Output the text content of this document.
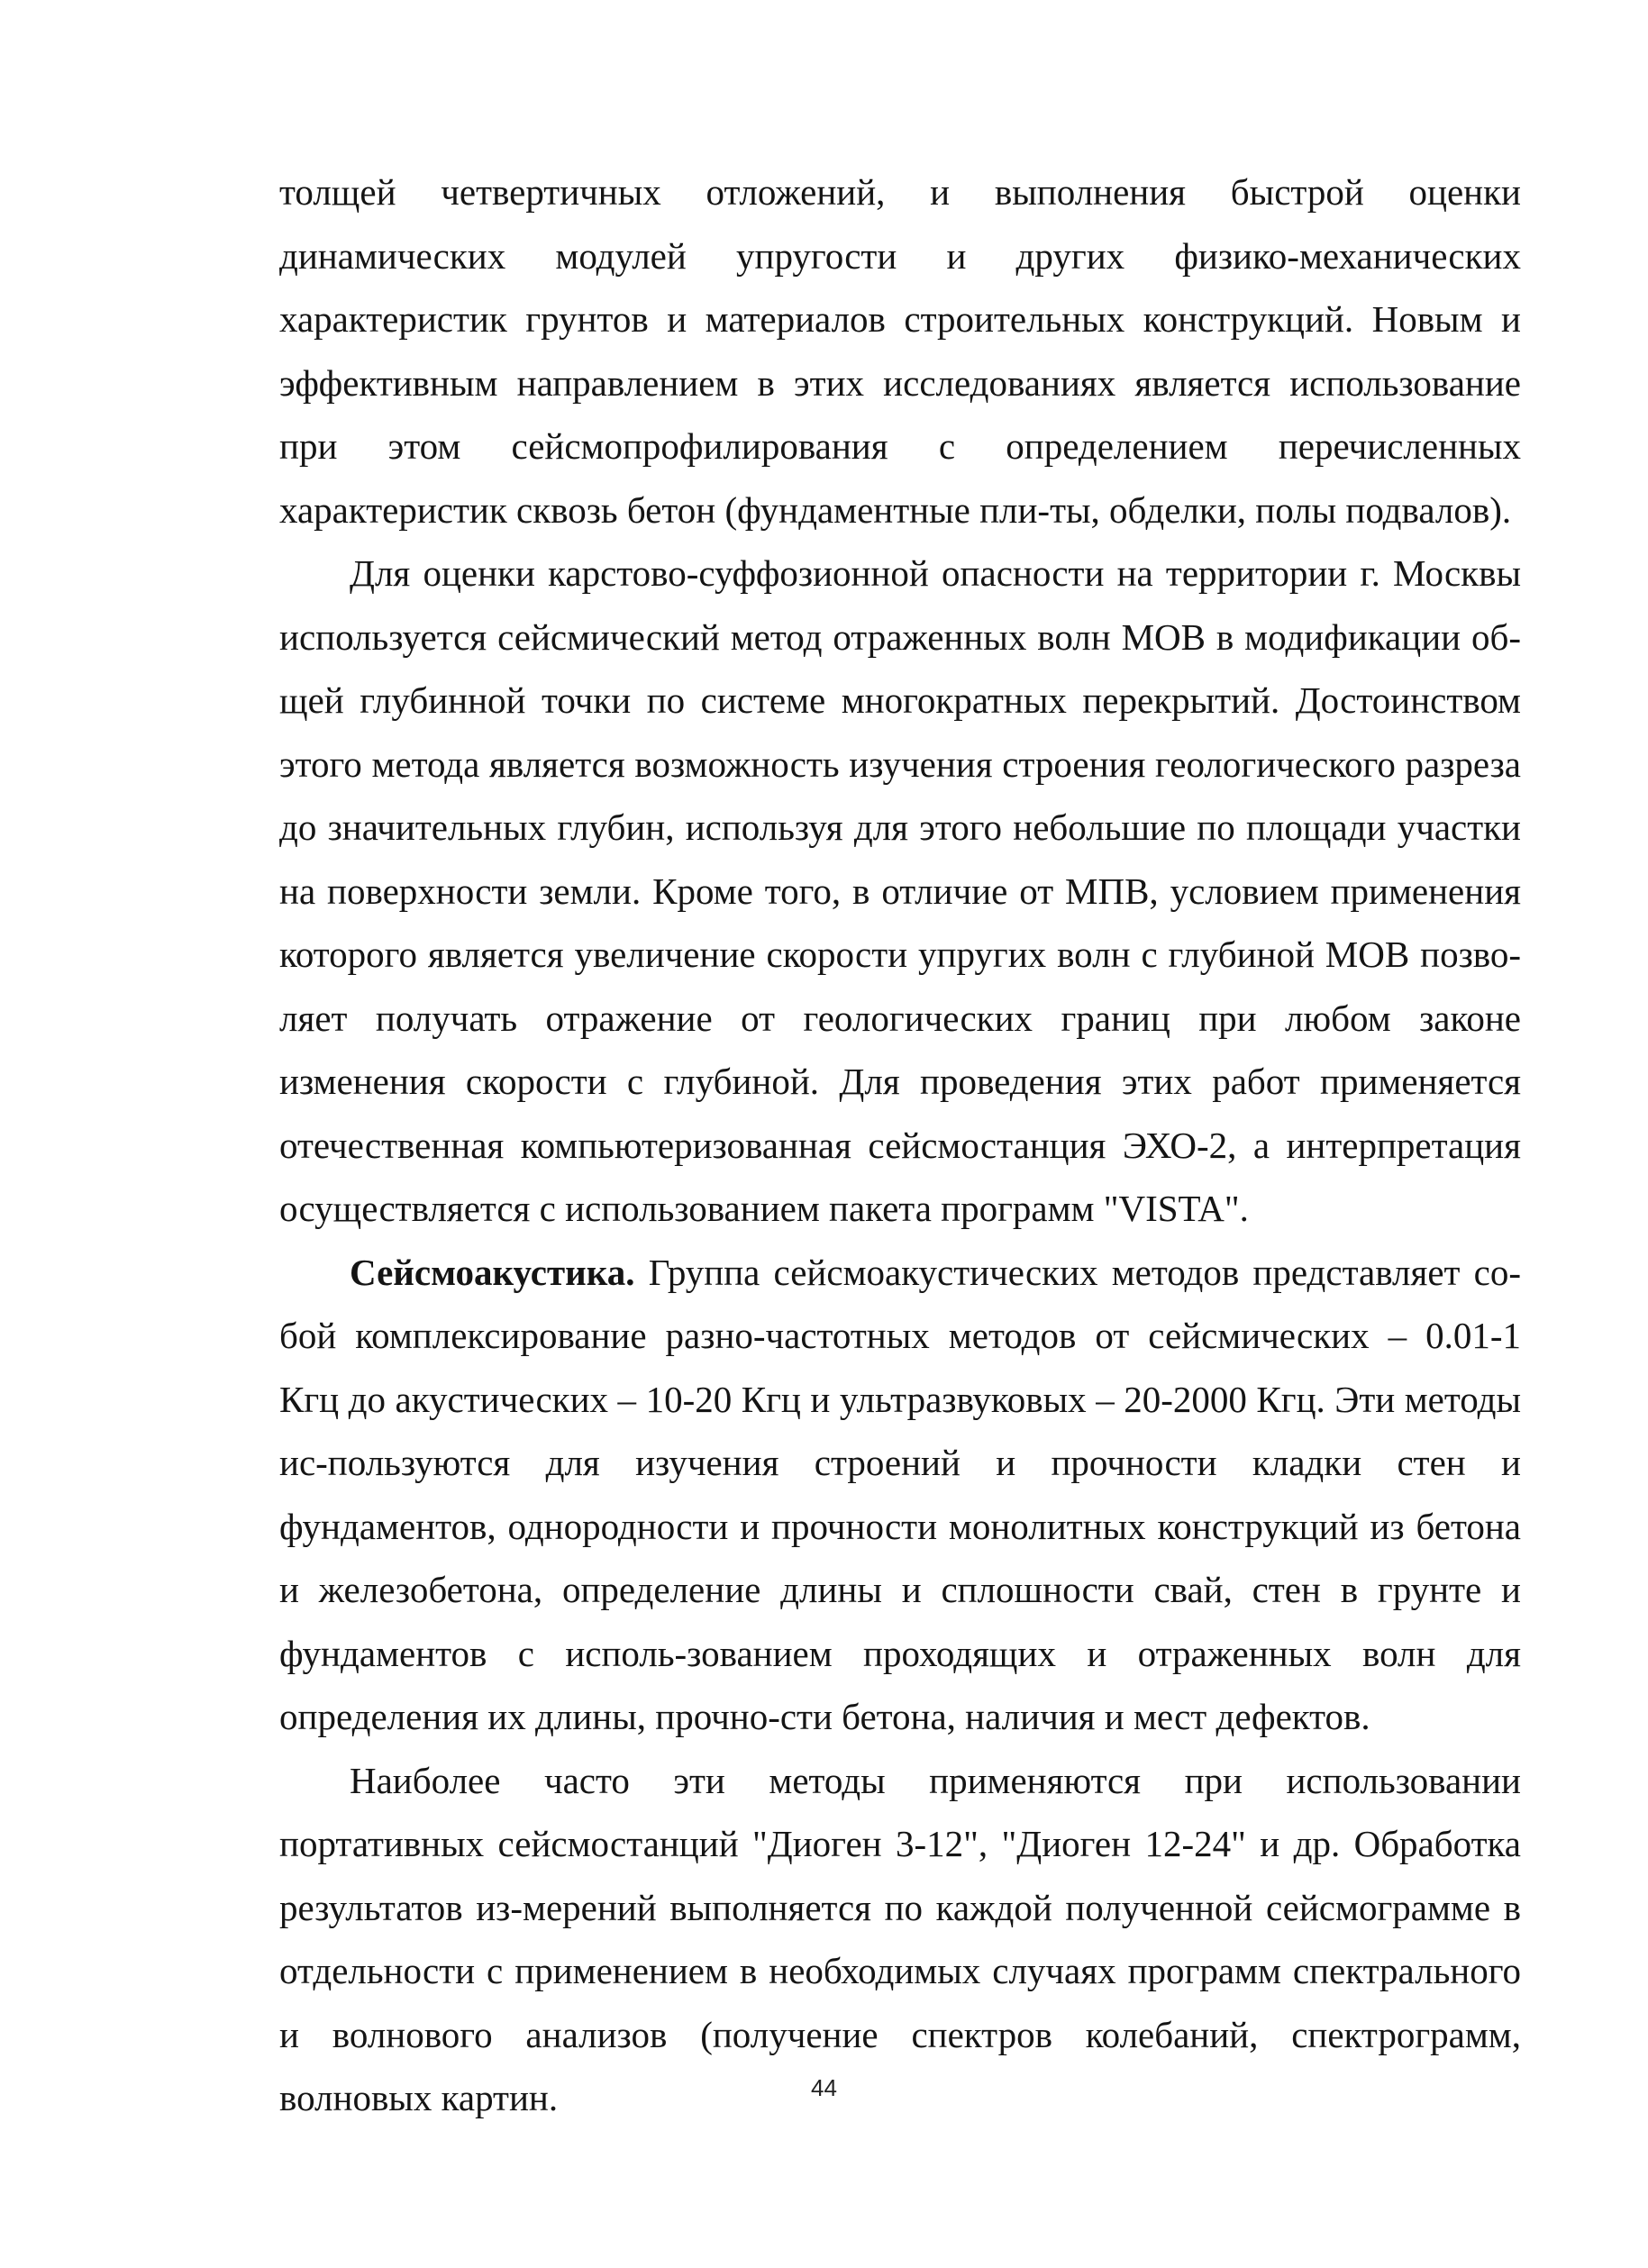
толщей четвертичных отложений, и выполнения быстрой оценки динамических модулей упругости и других физико-механических характеристик грунтов и материалов строительных конструкций. Новым и эффективным направлением в этих исследованиях является использование при этом сейсмопрофилирования с определением перечисленных характеристик сквозь бетон (фундаментные пли-ты, обделки, полы подвалов).

Для оценки карстово-суффозионной опасности на территории г. Москвы используется сейсмический метод отраженных волн МОВ в модификации об-щей глубинной точки по системе многократных перекрытий. Достоинством этого метода является возможность изучения строения геологического разреза до значительных глубин, используя для этого небольшие по площади участки на поверхности земли. Кроме того, в отличие от МПВ, условием применения которого является увеличение скорости упругих волн с глубиной МОВ позво-ляет получать отражение от геологических границ при любом законе изменения скорости с глубиной. Для проведения этих работ применяется отечественная компьютеризованная сейсмостанция ЭХО-2, а интерпретация осуществляется с использованием пакета программ "VISTA".

Сейсмоакустика. Группа сейсмоакустических методов представляет со-бой комплексирование разно-частотных методов от сейсмических – 0.01-1 Кгц до акустических – 10-20 Кгц и ультразвуковых – 20-2000 Кгц. Эти методы ис-пользуются для изучения строений и прочности кладки стен и фундаментов, однородности и прочности монолитных конструкций из бетона и железобетона, определение длины и сплошности свай, стен в грунте и фундаментов с исполь-зованием проходящих и отраженных волн для определения их длины, прочно-сти бетона, наличия и мест дефектов.

Наиболее часто эти методы применяются при использовании портативных сейсмостанций "Диоген 3-12", "Диоген 12-24" и др. Обработка результатов из-мерений выполняется по каждой полученной сейсмограмме в отдельности с применением в необходимых случаях программ спектрального и волнового анализов (получение спектров колебаний, спектрограмм, волновых картин.	44
